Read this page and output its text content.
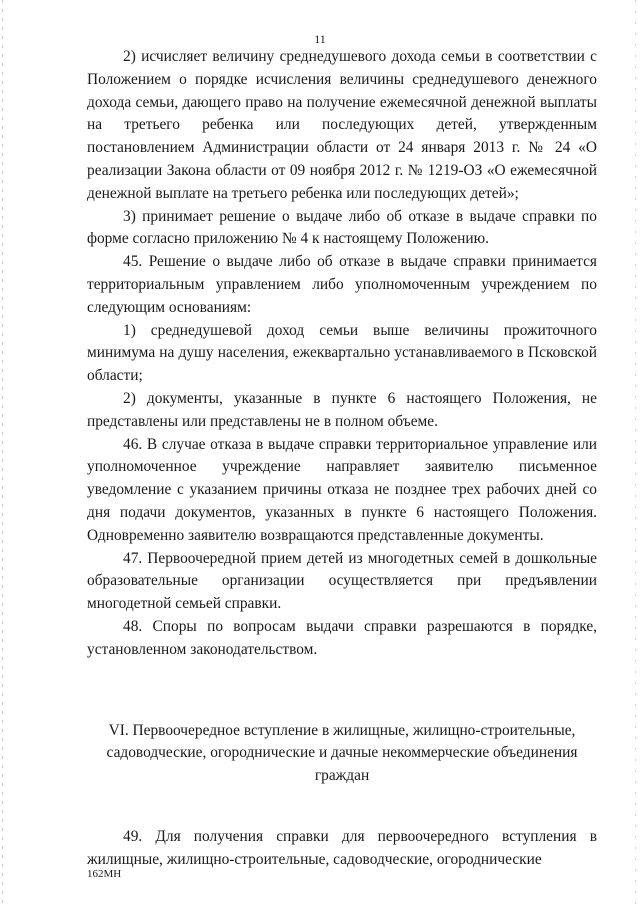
11

2) исчисляет величину среднедушевого дохода семьи в соответствии с Положением о порядке исчисления величины среднедушевого денежного дохода семьи, дающего право на получение ежемесячной денежной выплаты на третьего ребенка или последующих детей, утвержденным постановлением Администрации области от 24 января 2013 г. № 24 «О реализации Закона области от 09 ноября 2012 г. № 1219-ОЗ «О ежемесячной денежной выплате на третьего ребенка или последующих детей»;

3) принимает решение о выдаче либо об отказе в выдаче справки по форме согласно приложению № 4 к настоящему Положению.

45. Решение о выдаче либо об отказе в выдаче справки принимается территориальным управлением либо уполномоченным учреждением по следующим основаниям:

1) среднедушевой доход семьи выше величины прожиточного минимума на душу населения, ежеквартально устанавливаемого в Псковской области;

2) документы, указанные в пункте 6 настоящего Положения, не представлены или представлены не в полном объеме.

46. В случае отказа в выдаче справки территориальное управление или уполномоченное учреждение направляет заявителю письменное уведомление с указанием причины отказа не позднее трех рабочих дней со дня подачи документов, указанных в пункте 6 настоящего Положения. Одновременно заявителю возвращаются представленные документы.

47. Первоочередной прием детей из многодетных семей в дошкольные образовательные организации осуществляется при предъявлении многодетной семьей справки.

48. Споры по вопросам выдачи справки разрешаются в порядке, установленном законодательством.

VI. Первоочередное вступление в жилищные, жилищно-строительные,
садоводческие, огороднические и дачные некоммерческие объединения
граждан

49. Для получения справки для первоочередного вступления в жилищные, жилищно-строительные, садоводческие, огороднические

162МН
